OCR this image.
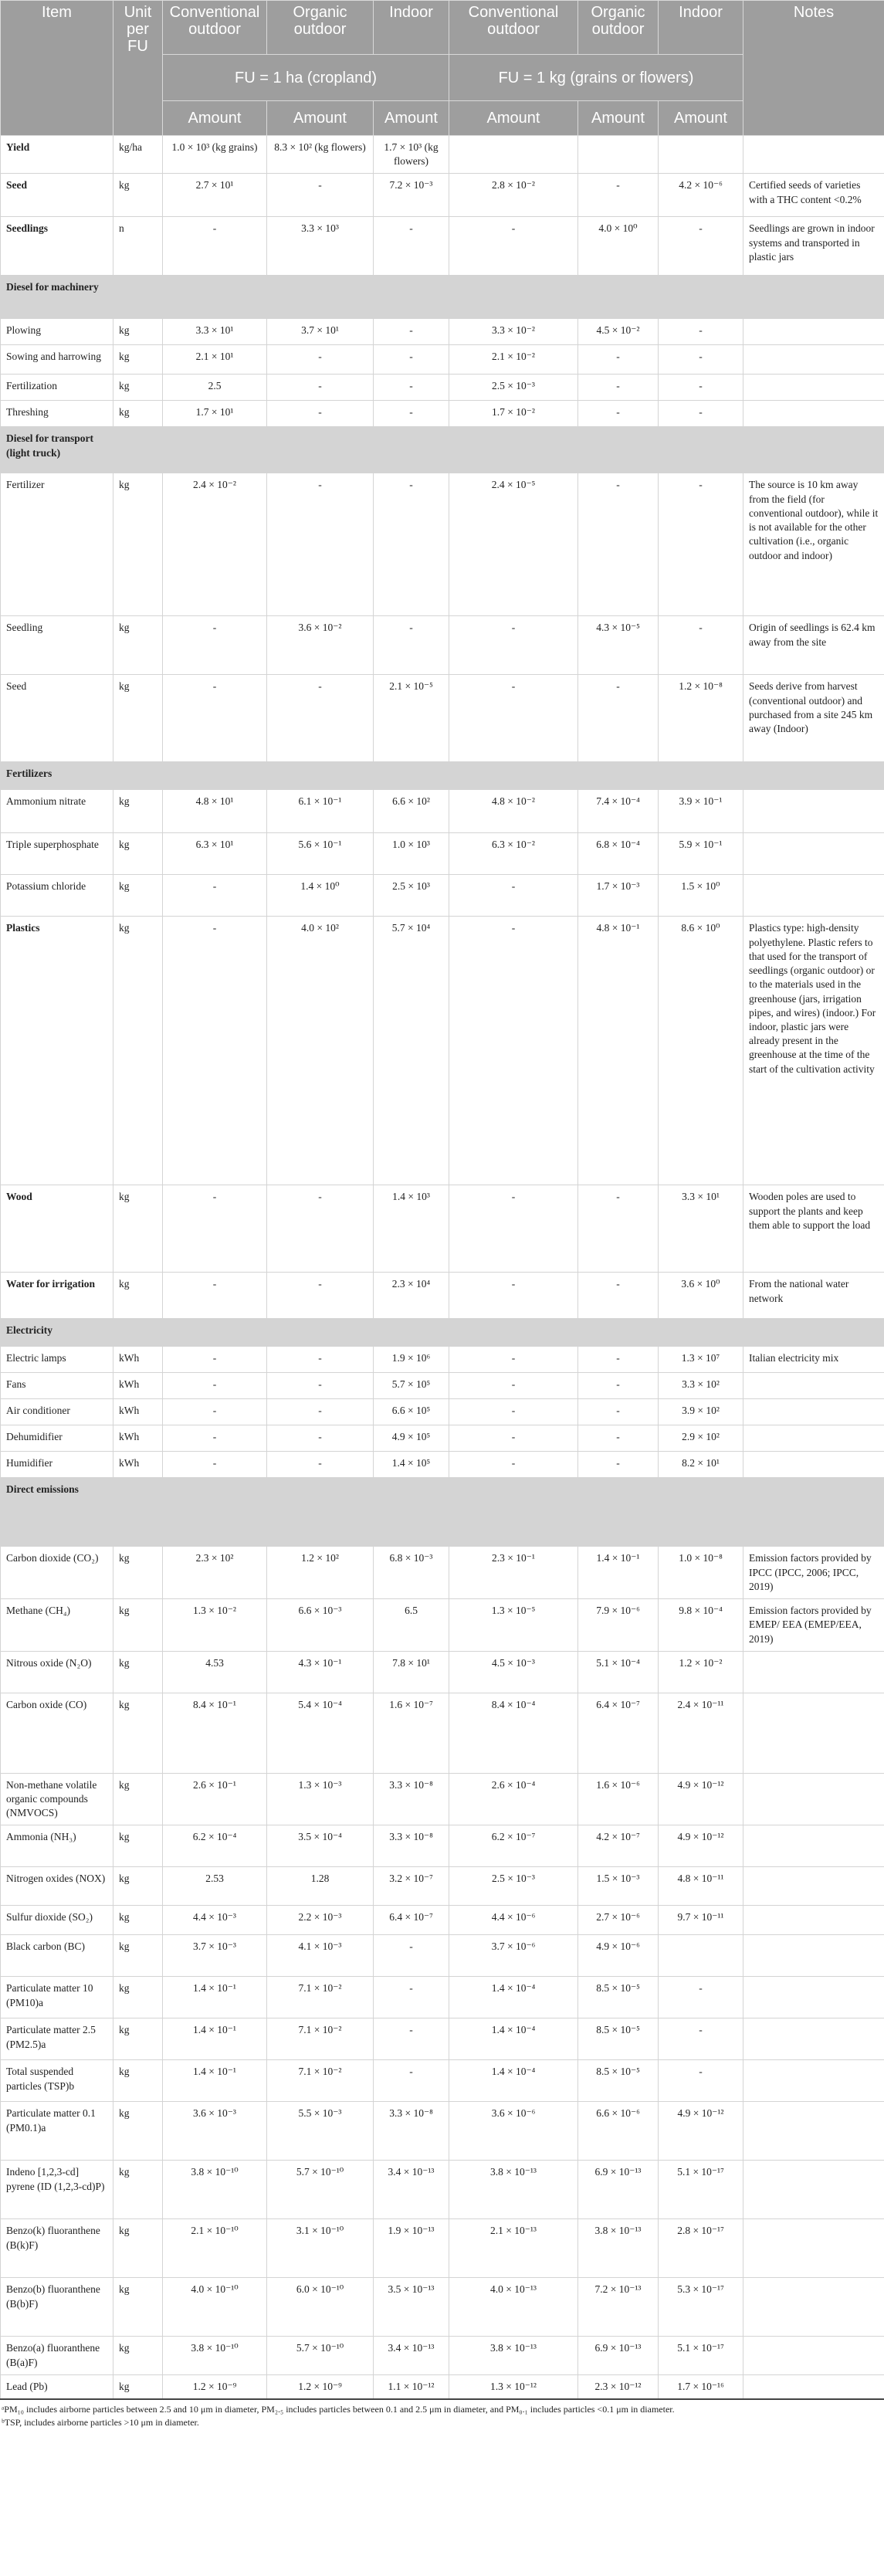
Item	Unit per FU	Conventional outdoor	Organic outdoor	Indoor	Conventional outdoor	Organic outdoor	Indoor	Notes
		FU = 1 ha (cropland)			FU = 1 kg (grains or flowers)			
		Amount	Amount	Amount	Amount	Amount	Amount	
Yield	kg/ha	1.0 × 10³ (kg grains)	8.3 × 10² (kg flowers)	1.7 × 10³ (kg flowers)				
Seed	kg	2.7 × 10¹	-	7.2 × 10⁻³	2.8 × 10⁻²	-	4.2 × 10⁻⁶	Certified seeds of varieties with a THC content <0.2%
Seedlings	n	-	3.3 × 10³	-	-	4.0 × 10⁰	-	Seedlings are grown in indoor systems and transported in plastic jars
Diesel for machinery								
Plowing	kg	3.3 × 10¹	3.7 × 10¹	-	3.3 × 10⁻²	4.5 × 10⁻²	-	
Sowing and harrowing	kg	2.1 × 10¹	-	-	2.1 × 10⁻²	-	-	
Fertilization	kg	2.5	-	-	2.5 × 10⁻³	-	-	
Threshing	kg	1.7 × 10¹	-	-	1.7 × 10⁻²	-	-	
Diesel for transport (light truck)								
Fertilizer	kg	2.4 × 10⁻²	-	-	2.4 × 10⁻⁵	-	-	The source is 10 km away from the field (for conventional outdoor), while it is not available for the other cultivation (i.e., organic outdoor and indoor)
Seedling	kg	-	3.6 × 10⁻²	-	-	4.3 × 10⁻⁵	-	Origin of seedlings is 62.4 km away from the site
Seed	kg	-	-	2.1 × 10⁻⁵	-	-	1.2 × 10⁻⁸	Seeds derive from harvest (conventional outdoor) and purchased from a site 245 km away (Indoor)
Fertilizers								
Ammonium nitrate	kg	4.8 × 10¹	6.1 × 10⁻¹	6.6 × 10²	4.8 × 10⁻²	7.4 × 10⁻⁴	3.9 × 10⁻¹	
Triple superphosphate	kg	6.3 × 10¹	5.6 × 10⁻¹	1.0 × 10³	6.3 × 10⁻²	6.8 × 10⁻⁴	5.9 × 10⁻¹	
Potassium chloride	kg	-	1.4 × 10⁰	2.5 × 10³	-	1.7 × 10⁻³	1.5 × 10⁰	
Plastics	kg	-	4.0 × 10²	5.7 × 10⁴	-	4.8 × 10⁻¹	8.6 × 10⁰	Plastics type: high-density polyethylene. Plastic refers to that used for the transport of seedlings (organic outdoor) or to the materials used in the greenhouse (jars, irrigation pipes, and wires) (indoor.) For indoor, plastic jars were already present in the greenhouse at the time of the start of the cultivation activity
Wood	kg	-	-	1.4 × 10³	-	-	3.3 × 10¹	Wooden poles are used to support the plants and keep them able to support the load
Water for irrigation	kg	-	-	2.3 × 10⁴	-	-	3.6 × 10⁰	From the national water network
Electricity								
Electric lamps	kWh	-	-	1.9 × 10⁶	-	-	1.3 × 10⁷	Italian electricity mix
Fans	kWh	-	-	5.7 × 10⁵	-	-	3.3 × 10²	
Air conditioner	kWh	-	-	6.6 × 10⁵	-	-	3.9 × 10²	
Dehumidifier	kWh	-	-	4.9 × 10⁵	-	-	2.9 × 10²	
Humidifier	kWh	-	-	1.4 × 10⁵	-	-	8.2 × 10¹	
Direct emissions								
Carbon dioxide (CO₂)	kg	2.3 × 10²	1.2 × 10²	6.8 × 10⁻³	2.3 × 10⁻¹	1.4 × 10⁻¹	1.0 × 10⁻⁸	Emission factors provided by IPCC (IPCC, 2006; IPCC, 2019)
Methane (CH₄)	kg	1.3 × 10⁻²	6.6 × 10⁻³	6.5	1.3 × 10⁻⁵	7.9 × 10⁻⁶	9.8 × 10⁻⁴	Emission factors provided by EMEP/ EEA (EMEP/EEA, 2019)
Nitrous oxide (N₂O)	kg	4.53	4.3 × 10⁻¹	7.8 × 10¹	4.5 × 10⁻³	5.1 × 10⁻⁴	1.2 × 10⁻²	
Carbon oxide (CO)	kg	8.4 × 10⁻¹	5.4 × 10⁻⁴	1.6 × 10⁻⁷	8.4 × 10⁻⁴	6.4 × 10⁻⁷	2.4 × 10⁻¹¹	
Non-methane volatile organic compounds (NMVOCS)	kg	2.6 × 10⁻¹	1.3 × 10⁻³	3.3 × 10⁻⁸	2.6 × 10⁻⁴	1.6 × 10⁻⁶	4.9 × 10⁻¹²	
Ammonia (NH₃)	kg	6.2 × 10⁻⁴	3.5 × 10⁻⁴	3.3 × 10⁻⁸	6.2 × 10⁻⁷	4.2 × 10⁻⁷	4.9 × 10⁻¹²	
Nitrogen oxides (NOX)	kg	2.53	1.28	3.2 × 10⁻⁷	2.5 × 10⁻³	1.5 × 10⁻³	4.8 × 10⁻¹¹	
Sulfur dioxide (SO₂)	kg	4.4 × 10⁻³	2.2 × 10⁻³	6.4 × 10⁻⁷	4.4 × 10⁻⁶	2.7 × 10⁻⁶	9.7 × 10⁻¹¹	
Black carbon (BC)	kg	3.7 × 10⁻³	4.1 × 10⁻³	-	3.7 × 10⁻⁶	4.9 × 10⁻⁶		
Particulate matter 10 (PM10)a	kg	1.4 × 10⁻¹	7.1 × 10⁻²	-	1.4 × 10⁻⁴	8.5 × 10⁻⁵	-	
Particulate matter 2.5 (PM2.5)a	kg	1.4 × 10⁻¹	7.1 × 10⁻²	-	1.4 × 10⁻⁴	8.5 × 10⁻⁵	-	
Total suspended particles (TSP)b	kg	1.4 × 10⁻¹	7.1 × 10⁻²	-	1.4 × 10⁻⁴	8.5 × 10⁻⁵	-	
Particulate matter 0.1 (PM0.1)a	kg	3.6 × 10⁻³	5.5 × 10⁻³	3.3 × 10⁻⁸	3.6 × 10⁻⁶	6.6 × 10⁻⁶	4.9 × 10⁻¹²	
Indeno [1,2,3-cd] pyrene (ID (1,2,3-cd)P)	kg	3.8 × 10⁻¹⁰	5.7 × 10⁻¹⁰	3.4 × 10⁻¹³	3.8 × 10⁻¹³	6.9 × 10⁻¹³	5.1 × 10⁻¹⁷	
Benzo(k) fluoranthene (B(k)F)	kg	2.1 × 10⁻¹⁰	3.1 × 10⁻¹⁰	1.9 × 10⁻¹³	2.1 × 10⁻¹³	3.8 × 10⁻¹³	2.8 × 10⁻¹⁷	
Benzo(b) fluoranthene (B(b)F)	kg	4.0 × 10⁻¹⁰	6.0 × 10⁻¹⁰	3.5 × 10⁻¹³	4.0 × 10⁻¹³	7.2 × 10⁻¹³	5.3 × 10⁻¹⁷	
Benzo(a) fluoranthene (B(a)F)	kg	3.8 × 10⁻¹⁰	5.7 × 10⁻¹⁰	3.4 × 10⁻¹³	3.8 × 10⁻¹³	6.9 × 10⁻¹³	5.1 × 10⁻¹⁷	
Lead (Pb)	kg	1.2 × 10⁻⁹	1.2 × 10⁻⁹	1.1 × 10⁻¹²	1.3 × 10⁻¹²	2.3 × 10⁻¹²	1.7 × 10⁻¹⁶	
ᵃPM₁₀ includes airborne particles between 2.5 and 10 μm in diameter, PM₂.₅ includes particles between 0.1 and 2.5 μm in diameter, and PM₀.₁ includes particles <0.1 μm in diameter.
ᵇTSP, includes airborne particles >10 μm in diameter.
